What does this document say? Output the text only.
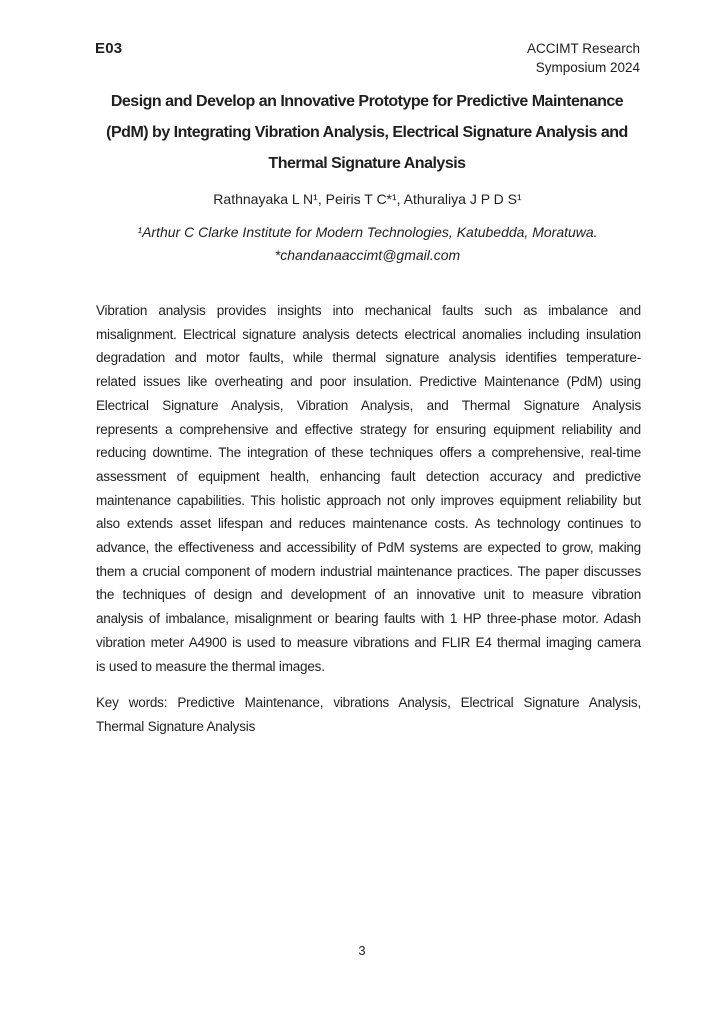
E03	ACCIMT Research
Symposium 2024
Design and Develop an Innovative Prototype for Predictive Maintenance
(PdM) by Integrating Vibration Analysis, Electrical Signature Analysis and
Thermal Signature Analysis
Rathnayaka L N¹, Peiris T C*¹, Athuraliya J P D S¹
¹Arthur C Clarke Institute for Modern Technologies, Katubedda, Moratuwa.
*chandanaaccimt@gmail.com
Vibration analysis provides insights into mechanical faults such as imbalance and
misalignment. Electrical signature analysis detects electrical anomalies including insulation
degradation and motor faults, while thermal signature analysis identifies temperature-
related issues like overheating and poor insulation. Predictive Maintenance (PdM) using
Electrical Signature Analysis, Vibration Analysis, and Thermal Signature Analysis
represents a comprehensive and effective strategy for ensuring equipment reliability and
reducing downtime. The integration of these techniques offers a comprehensive, real-time
assessment of equipment health, enhancing fault detection accuracy and predictive
maintenance capabilities. This holistic approach not only improves equipment reliability but
also extends asset lifespan and reduces maintenance costs. As technology continues to
advance, the effectiveness and accessibility of PdM systems are expected to grow, making
them a crucial component of modern industrial maintenance practices. The paper discusses
the techniques of design and development of an innovative unit to measure vibration
analysis of imbalance, misalignment or bearing faults with 1 HP three-phase motor. Adash
vibration meter A4900 is used to measure vibrations and FLIR E4 thermal imaging camera
is used to measure the thermal images.
Key words: Predictive Maintenance, vibrations Analysis, Electrical Signature Analysis,
Thermal Signature Analysis
3
